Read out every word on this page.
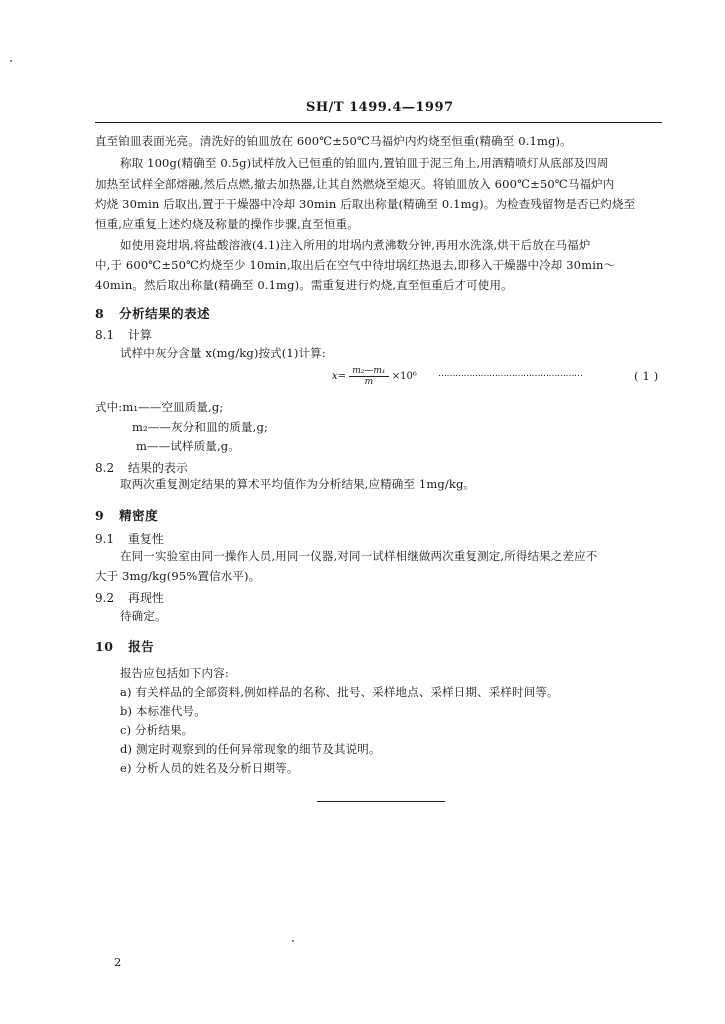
SH/T 1499.4—1997
直至铂皿表面光亮。清洗好的铂皿放在 600℃±50℃马福炉内灼烧至恒重(精确至 0.1mg)。
称取 100g(精确至 0.5g)试样放入已恒重的铂皿内,置铂皿于泥三角上,用酒精喷灯从底部及四周
加热至试样全部熔融,然后点燃,撤去加热器,让其自然燃烧至熄灭。将铂皿放入 600℃±50℃马福炉内
灼烧 30min 后取出,置于干燥器中冷却 30min 后取出称量(精确至 0.1mg)。为检查残留物是否已灼烧至
恒重,应重复上述灼烧及称量的操作步骤,直至恒重。
如使用瓷坩埚,将盐酸溶液(4.1)注入所用的坩埚内煮沸数分钟,再用水洗涤,烘干后放在马福炉
中,于 600℃±50℃灼烧至少 10min,取出后在空气中待坩埚红热退去,即移入干燥器中冷却 30min～
40min。然后取出称量(精确至 0.1mg)。需重复进行灼烧,直至恒重后才可使用。
8 分析结果的表述
8.1 计算
试样中灰分含量 x(mg/kg)按式(1)计算:
$x= \frac{\text{m₂—m₁}}{m} \times 10^6$ ……………………………………………	( 1 )
式中:m₁——空皿质量,g;
m₂——灰分和皿的质量,g;
m——试样质量,g。
8.2 结果的表示
取两次重复测定结果的算术平均值作为分析结果,应精确至 1mg/kg。
9 精密度
9.1 重复性
在同一实验室由同一操作人员,用同一仪器,对同一试样相继做两次重复测定,所得结果之差应不
大于 3mg/kg(95%置信水平)。
9.2 再现性
待确定。
10 报告
报告应包括如下内容:
a) 有关样品的全部资料,例如样品的名称、批号、采样地点、采样日期、采样时间等。
b) 本标准代号。
c) 分析结果。
d) 测定时观察到的任何异常现象的细节及其说明。
e) 分析人员的姓名及分析日期等。
2
